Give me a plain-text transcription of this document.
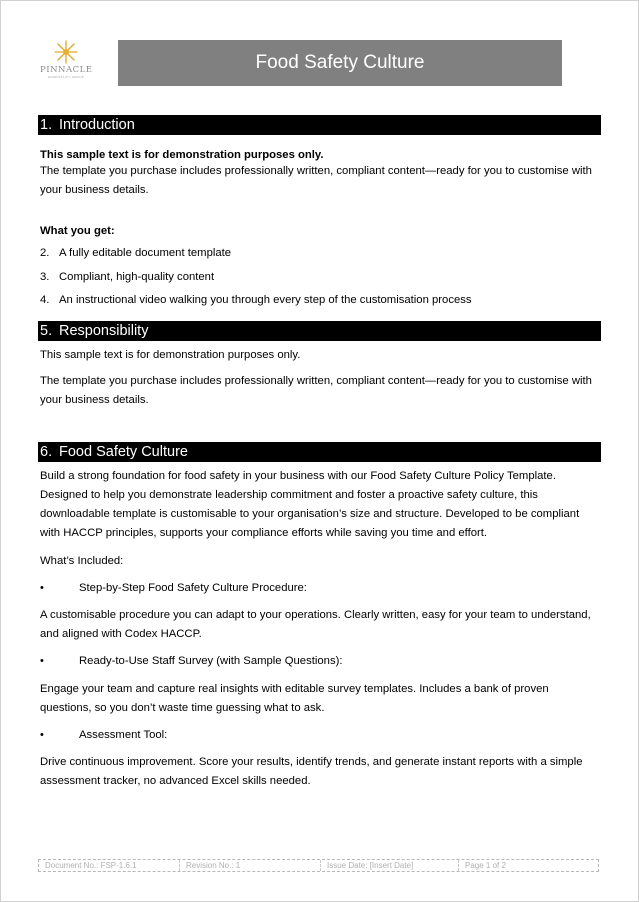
PINNACLE
HOSPITALITY GROUP
Food Safety Culture
1. Introduction
This sample text is for demonstration purposes only.
The template you purchase includes professionally written, compliant content—ready for you to customise with your business details.
What you get:
2. A fully editable document template
3. Compliant, high-quality content
4. An instructional video walking you through every step of the customisation process
5. Responsibility
This sample text is for demonstration purposes only.
The template you purchase includes professionally written, compliant content—ready for you to customise with your business details.
6. Food Safety Culture
Build a strong foundation for food safety in your business with our Food Safety Culture Policy Template. Designed to help you demonstrate leadership commitment and foster a proactive safety culture, this downloadable template is customisable to your organisation’s size and structure. Developed to be compliant with HACCP principles, supports your compliance efforts while saving you time and effort.
What’s Included:
•	Step-by-Step Food Safety Culture Procedure:
A customisable procedure you can adapt to your operations. Clearly written, easy for your team to understand, and aligned with Codex HACCP.
•	Ready-to-Use Staff Survey (with Sample Questions):
Engage your team and capture real insights with editable survey templates. Includes a bank of proven questions, so you don’t waste time guessing what to ask.
•	Assessment Tool:
Drive continuous improvement. Score your results, identify trends, and generate instant reports with a simple assessment tracker, no advanced Excel skills needed.
Document No.: FSP-1.6.1	Revision No.: 1	Issue Date: [Insert Date]	Page 1 of 2
